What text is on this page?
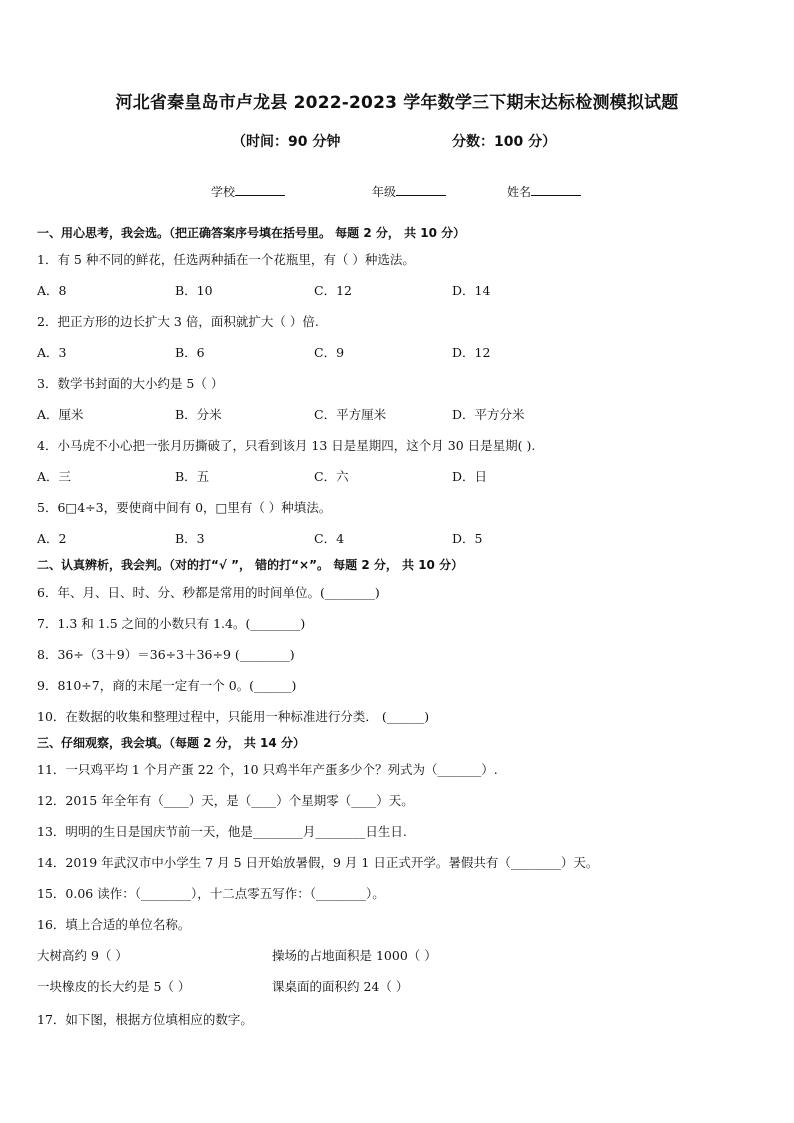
河北省秦皇岛市卢龙县 2022-2023 学年数学三下期末达标检测模拟试题
（时间：90 分钟	分数：100 分）
学校	年级	姓名
一、用心思考，我会选。（把正确答案序号填在括号里。 每题 2 分， 共 10 分）
1．有 5 种不同的鲜花，任选两种插在一个花瓶里，有（ ）种选法。
A．8	B．10	C．12	D．14
2．把正方形的边长扩大 3 倍，面积就扩大（ ）倍.
A．3	B．6	C．9	D．12
3．数学书封面的大小约是 5（ ）
A．厘米	B．分米	C．平方厘米	D．平方分米
4．小马虎不小心把一张月历撕破了，只看到该月 13 日是星期四，这个月 30 日是星期( ).
A．三	B．五	C．六	D．日
5．6□4÷3，要使商中间有 0，□里有（ ）种填法。
A．2	B．3	C．4	D．5
二、认真辨析，我会判。（对的打“√ ”， 错的打“×”。 每题 2 分， 共 10 分）
6．年、月、日、时、分、秒都是常用的时间单位。(________)
7．1.3 和 1.5 之间的小数只有 1.4。(________)
8．36÷（3＋9）＝36÷3＋36÷9 (________)
9．810÷7，商的末尾一定有一个 0。(______)
10．在数据的收集和整理过程中，只能用一种标准进行分类． (______)
三、仔细观察，我会填。（每题 2 分， 共 14 分）
11．一只鸡平均 1 个月产蛋 22 个，10 只鸡半年产蛋多少个？列式为（_______）.
12．2015 年全年有（____）天，是（____）个星期零（____）天。
13．明明的生日是国庆节前一天，他是________月________日生日.
14．2019 年武汉市中小学生 7 月 5 日开始放暑假，9 月 1 日正式开学。暑假共有（________）天。
15．0.06 读作：（________），十二点零五写作：（________）。
16．填上合适的单位名称。
大树高约 9（ ）	操场的占地面积是 1000（ ）
一块橡皮的长大约是 5（ ）	课桌面的面积约 24（ ）
17．如下图，根据方位填相应的数字。
